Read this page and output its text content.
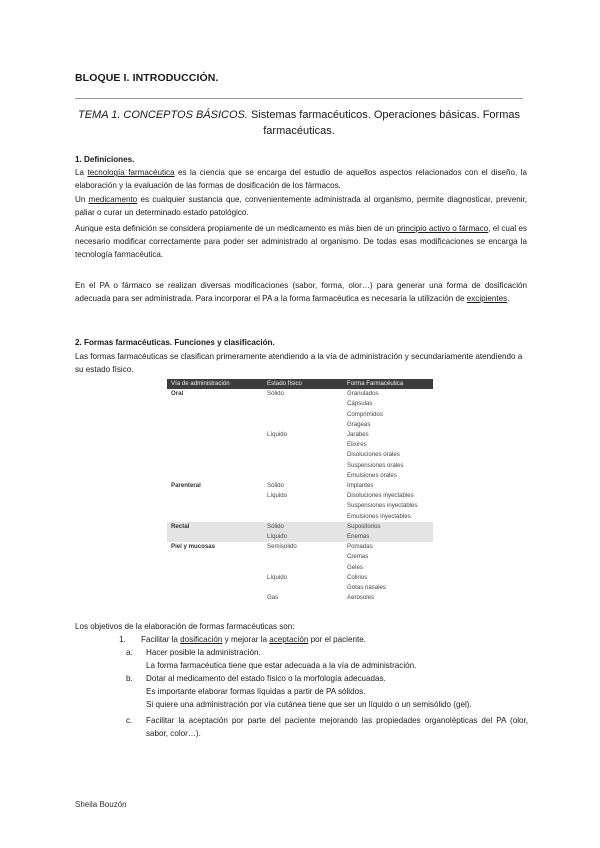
BLOQUE I. INTRODUCCIÓN.
TEMA 1. CONCEPTOS BÁSICOS. Sistemas farmacéuticos. Operaciones básicas. Formas
farmacéuticas.
1. Definiciones.
La tecnología farmacéutica es la ciencia que se encarga del estudio de aquellos aspectos relacionados con el diseño, la elaboración y la evaluación de las formas de dosificación de los fármacos.
Un medicamento es cualquier sustancia que, convenientemente administrada al organismo, permite diagnosticar, prevenir, paliar o curar un determinado estado patológico.
Aunque esta definición se considera propiamente de un medicamento es más bien de un principio activo o fármaco, el cual es necesario modificar correctamente para poder ser administrado al organismo. De todas esas modificaciones se encarga la tecnología farmacéutica.
En el PA o fármaco se realizan diversas modificaciones (sabor, forma, olor…) para generar una forma de dosificación adecuada para ser administrada. Para incorporar el PA a la forma farmacéutica es necesaria la utilización de excipientes.
2. Formas farmacéuticas. Funciones y clasificación.
Las formas farmacéuticas se clasifican primeramente atendiendo a la vía de administración y secundariamente atendiendo a su estado físico.
Vía de administración	Estado físico	Forma Farmacéutica
Oral	Sólido	Granulados
		Cápsulas
		Comprimidos
		Grageas
	Líquido	Jarabes
		Elixires
		Disoluciones orales
		Suspensiones orales
		Emulsiones orales
Parenteral	Sólido	Implantes
	Líquido	Disoluciones inyectables
		Suspensiones inyectables
		Emulsiones inyectables
Rectal	Sólido	Supositorios
	Líquido	Enemas
Piel y mucosas	Semisólido	Pomadas
		Cremas
		Geles
	Líquido	Colirios
		Gotas nasales
	Gas	Aerosoles
Los objetivos de la elaboración de formas farmacéuticas son:
1. Facilitar la dosificación y mejorar la aceptación por el paciente.
a. Hacer posible la administración.
La forma farmacéutica tiene que estar adecuada a la vía de administración.
b. Dotar al medicamento del estado físico o la morfología adecuadas.
Es importante elaborar formas líquidas a partir de PA sólidos.
Si quiere una administración por vía cutánea tiene que ser un líquido o un semisólido (gel).
c. Facilitar la aceptación por parte del paciente mejorando las propiedades organolépticas del PA (olor, sabor, color…).
Sheila Bouzón
